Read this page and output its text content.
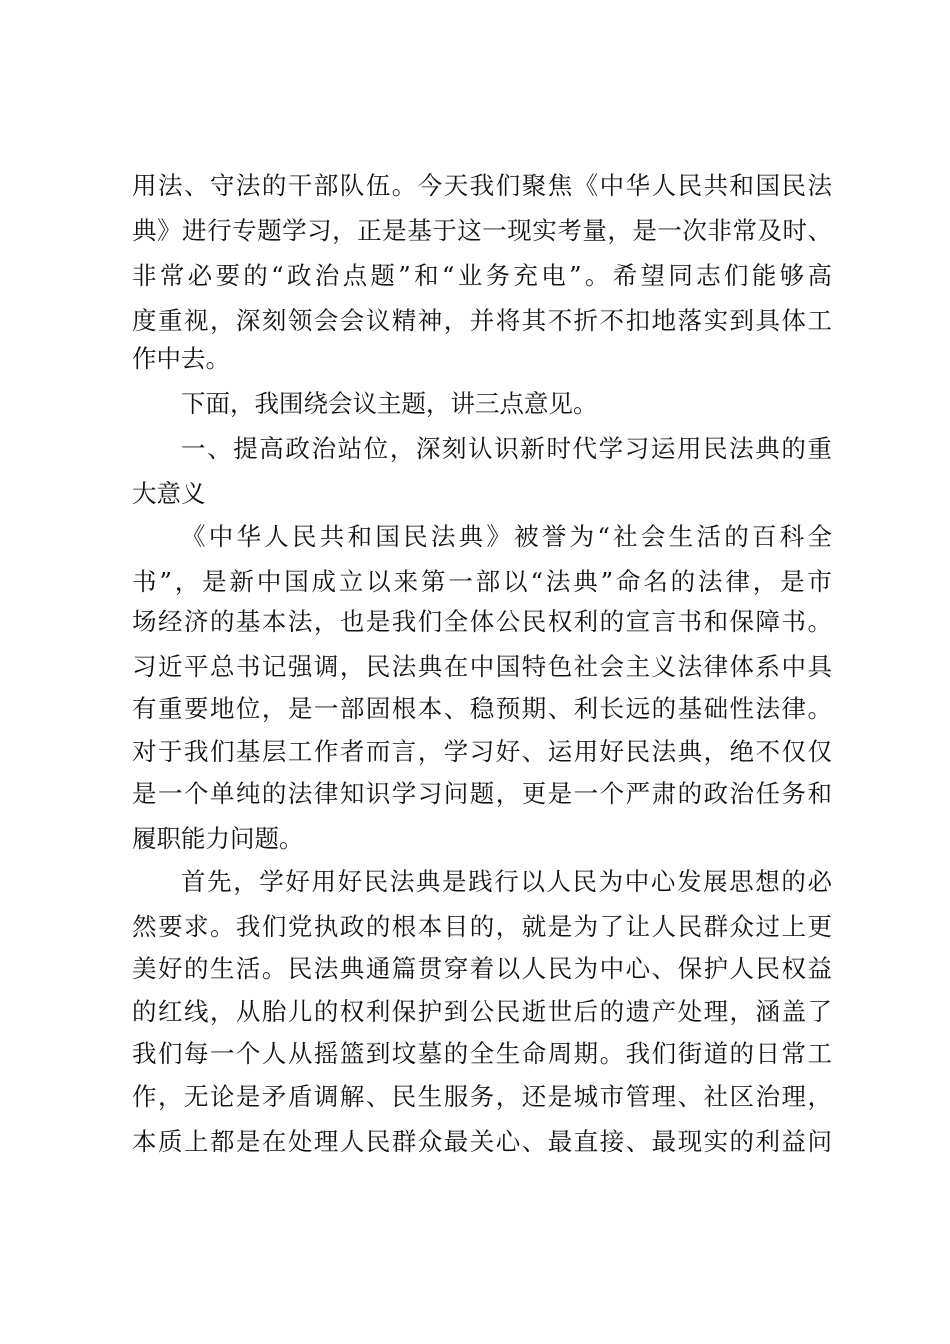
用法、守法的干部队伍。今天我们聚焦《中华人民共和国民法
典》进行专题学习，正是基于这一现实考量，是一次非常及时、
非常必要的“政治点题”和“业务充电”。希望同志们能够高
度重视，深刻领会会议精神，并将其不折不扣地落实到具体工
作中去。
下面，我围绕会议主题，讲三点意见。
一、提高政治站位，深刻认识新时代学习运用民法典的重
大意义
《中华人民共和国民法典》被誉为“社会生活的百科全
书”，是新中国成立以来第一部以“法典”命名的法律，是市
场经济的基本法，也是我们全体公民权利的宣言书和保障书。
习近平总书记强调，民法典在中国特色社会主义法律体系中具
有重要地位，是一部固根本、稳预期、利长远的基础性法律。
对于我们基层工作者而言，学习好、运用好民法典，绝不仅仅
是一个单纯的法律知识学习问题，更是一个严肃的政治任务和
履职能力问题。
首先，学好用好民法典是践行以人民为中心发展思想的必
然要求。我们党执政的根本目的，就是为了让人民群众过上更
美好的生活。民法典通篇贯穿着以人民为中心、保护人民权益
的红线，从胎儿的权利保护到公民逝世后的遗产处理，涵盖了
我们每一个人从摇篮到坟墓的全生命周期。我们街道的日常工
作，无论是矛盾调解、民生服务，还是城市管理、社区治理，
本质上都是在处理人民群众最关心、最直接、最现实的利益问
